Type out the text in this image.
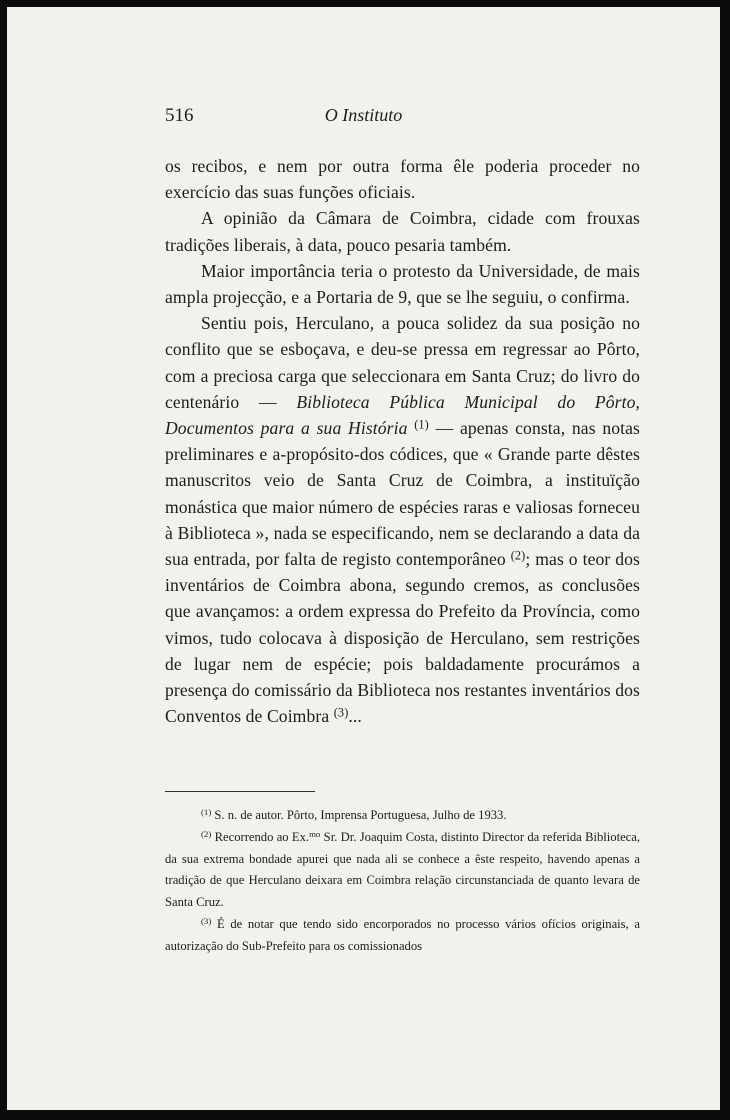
516	O Instituto

os recibos, e nem por outra forma êle poderia proceder no exercício das suas funções oficiais.

A opinião da Câmara de Coimbra, cidade com frouxas tradições liberais, à data, pouco pesaria também.

Maior importância teria o protesto da Universidade, de mais ampla projecção, e a Portaria de 9, que se lhe seguiu, o confirma.

Sentiu pois, Herculano, a pouca solidez da sua posição no conflito que se esboçava, e deu-se pressa em regressar ao Pôrto, com a preciosa carga que seleccionara em Santa Cruz; do livro do centenário — Biblioteca Pública Municipal do Pôrto, Documentos para a sua História $^{(1)}$ — apenas consta, nas notas preliminares e a-propósito-dos códices, que « Grande parte dêstes manuscritos veio de Santa Cruz de Coimbra, a instituïção monástica que maior número de espécies raras e valiosas forneceu à Biblioteca », nada se especificando, nem se declarando a data da sua entrada, por falta de registo contemporâneo $^{(2)}$; mas o teor dos inventários de Coimbra abona, segundo cremos, as conclusões que avançamos: a ordem expressa do Prefeito da Província, como vimos, tudo colocava à disposição de Herculano, sem restrições de lugar nem de espécie; pois baldadamente procurámos a presença do comissário da Biblioteca nos restantes inventários dos Conventos de Coimbra $^{(3)}$...

$^{(1)}$ S. n. de autor. Pôrto, Imprensa Portuguesa, Julho de 1933.

$^{(2)}$ Recorrendo ao Ex.$^{mo}$ Sr. Dr. Joaquim Costa, distinto Director da referida Biblioteca, da sua extrema bondade apurei que nada ali se conhece a êste respeito, havendo apenas a tradição de que Herculano deixara em Coimbra relação circunstanciada de quanto levara de Santa Cruz.

$^{(3)}$ É de notar que tendo sido encorporados no processo vários ofícios originais, a autorização do Sub-Prefeito para os comissionados
